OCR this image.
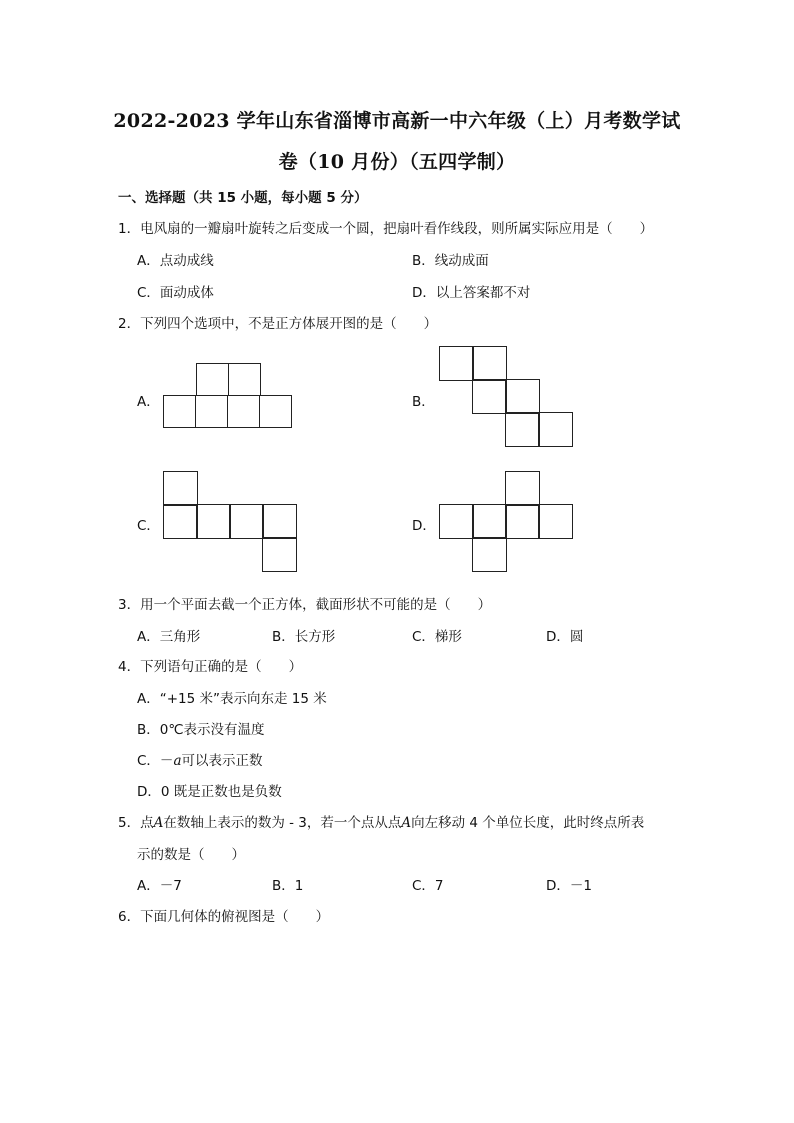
2022-2023 学年山东省淄博市高新一中六年级（上）月考数学试
卷（10 月份）（五四学制）
一、选择题（共 15 小题，每小题 5 分）
1．电风扇的一瓣扇叶旋转之后变成一个圆，把扇叶看作线段，则所属实际应用是（　　）
A．点动成线	B．线动成面
C．面动成体	D．以上答案都不对
2．下列四个选项中，不是正方体展开图的是（　　）
A．	B．
C．	D．
3．用一个平面去截一个正方体，截面形状不可能的是（　　）
A．三角形	B．长方形	C．梯形	D．圆
4．下列语句正确的是（　　）
A．“+15 米”表示向东走 15 米
B．0℃表示没有温度
C．－a可以表示正数
D．0 既是正数也是负数
5．点A在数轴上表示的数为 - 3，若一个点从点A向左移动 4 个单位长度，此时终点所表
示的数是（　　）
A．－7	B．1	C．7	D．－1
6．下面几何体的俯视图是（　　）
